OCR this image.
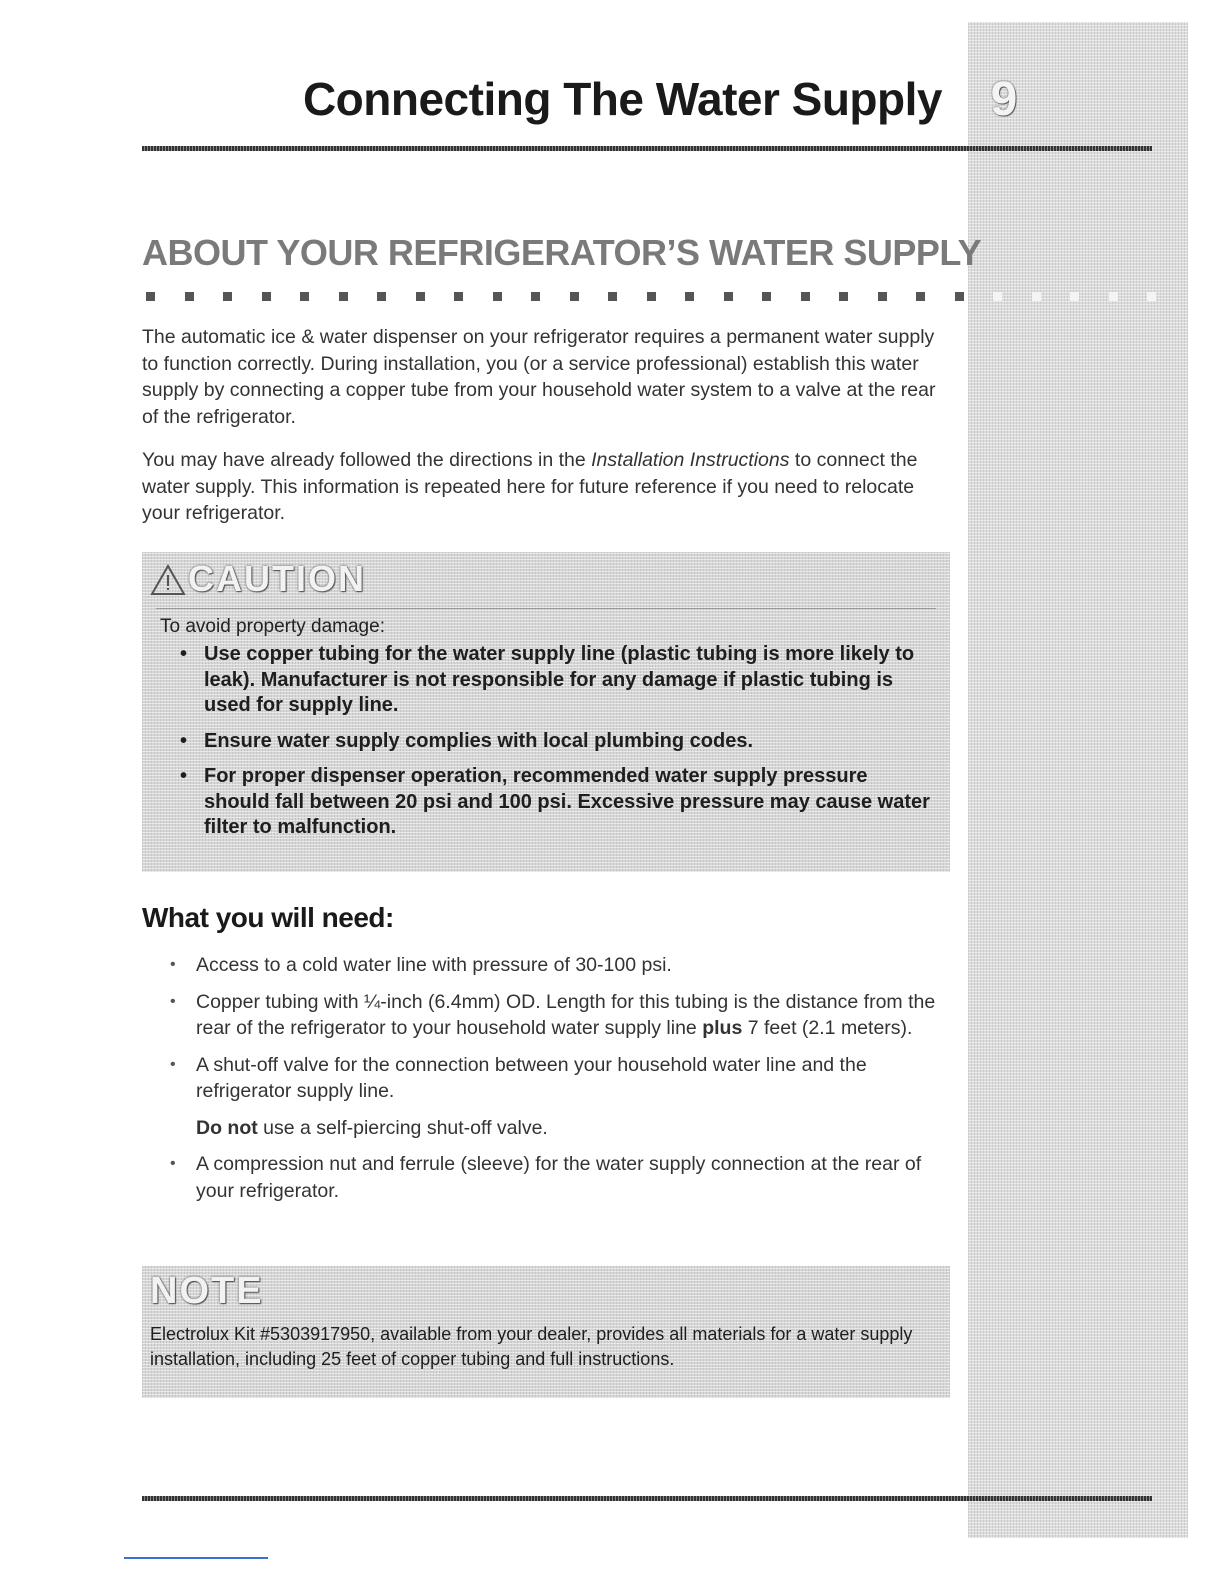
Connecting The Water Supply 9
ABOUT YOUR REFRIGERATOR’S WATER SUPPLY

The automatic ice & water dispenser on your refrigerator requires a permanent water supply to function correctly. During installation, you (or a service professional) establish this water supply by connecting a copper tube from your household water system to a valve at the rear of the refrigerator.

You may have already followed the directions in the Installation Instructions to connect the water supply. This information is repeated here for future reference if you need to relocate your refrigerator.

CAUTION

To avoid property damage:

• Use copper tubing for the water supply line (plastic tubing is more likely to leak). Manufacturer is not responsible for any damage if plastic tubing is used for supply line.
• Ensure water supply complies with local plumbing codes.
• For proper dispenser operation, recommended water supply pressure should fall between 20 psi and 100 psi. Excessive pressure may cause water filter to malfunction.
What you will need:
• Access to a cold water line with pressure of 30-100 psi.
• Copper tubing with ¼-inch (6.4mm) OD. Length for this tubing is the distance from the rear of the refrigerator to your household water supply line plus 7 feet (2.1 meters).
• A shut-off valve for the connection between your household water line and the refrigerator supply line.
Do not use a self-piercing shut-off valve.
• A compression nut and ferrule (sleeve) for the water supply connection at the rear of your refrigerator.
NOTE

Electrolux Kit #5303917950, available from your dealer, provides all materials for a water supply installation, including 25 feet of copper tubing and full instructions.
